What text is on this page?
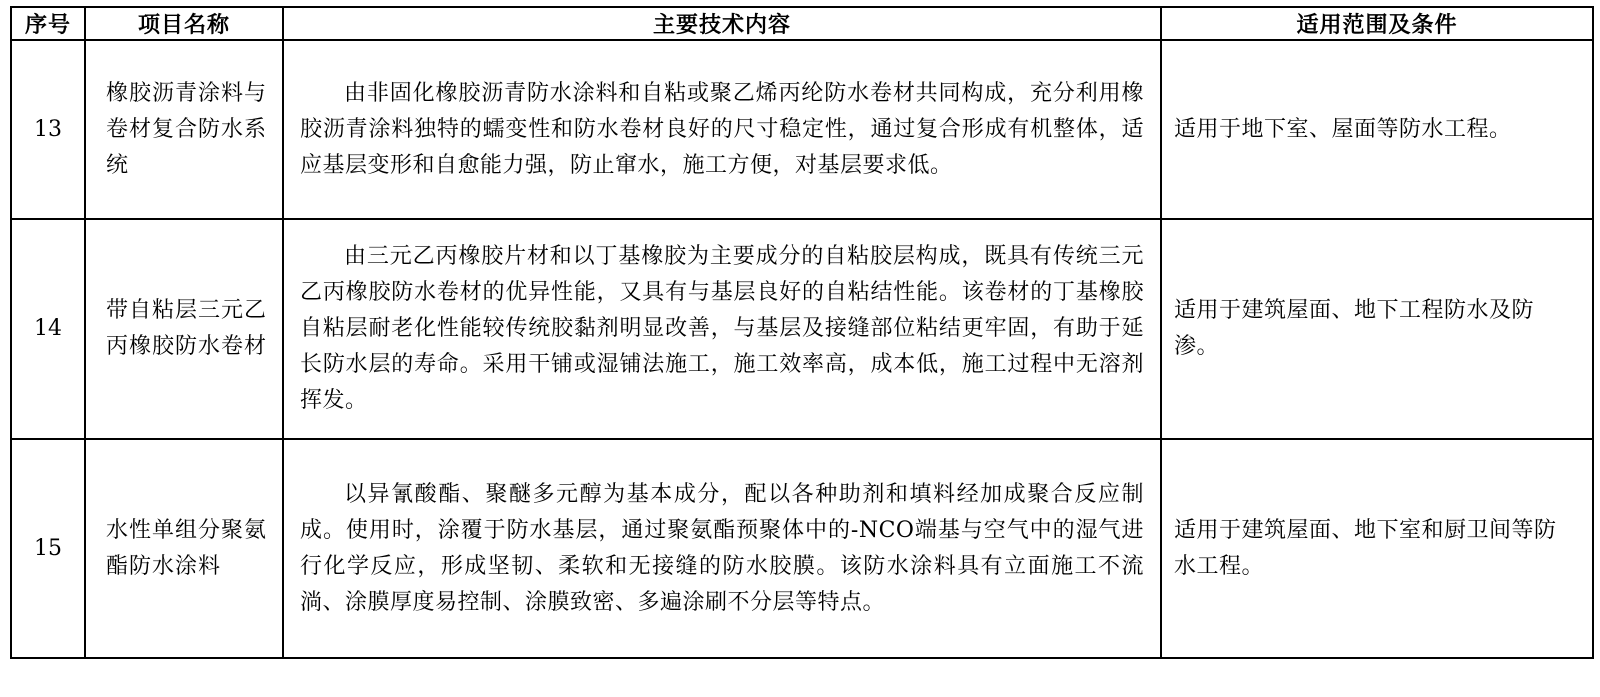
序号	项目名称	主要技术内容	适用范围及条件
13	橡胶沥青涂料与卷材复合防水系统	由非固化橡胶沥青防水涂料和自粘或聚乙烯丙纶防水卷材共同构成，充分利用橡胶沥青涂料独特的蠕变性和防水卷材良好的尺寸稳定性，通过复合形成有机整体，适应基层变形和自愈能力强，防止窜水，施工方便，对基层要求低。	适用于地下室、屋面等防水工程。
14	带自粘层三元乙丙橡胶防水卷材	由三元乙丙橡胶片材和以丁基橡胶为主要成分的自粘胶层构成，既具有传统三元乙丙橡胶防水卷材的优异性能，又具有与基层良好的自粘结性能。该卷材的丁基橡胶自粘层耐老化性能较传统胶黏剂明显改善，与基层及接缝部位粘结更牢固，有助于延长防水层的寿命。采用干铺或湿铺法施工，施工效率高，成本低，施工过程中无溶剂挥发。	适用于建筑屋面、地下工程防水及防渗。
15	水性单组分聚氨酯防水涂料	以异氰酸酯、聚醚多元醇为基本成分，配以各种助剂和填料经加成聚合反应制成。使用时，涂覆于防水基层，通过聚氨酯预聚体中的-NCO端基与空气中的湿气进行化学反应，形成坚韧、柔软和无接缝的防水胶膜。该防水涂料具有立面施工不流淌、涂膜厚度易控制、涂膜致密、多遍涂刷不分层等特点。	适用于建筑屋面、地下室和厨卫间等防水工程。
